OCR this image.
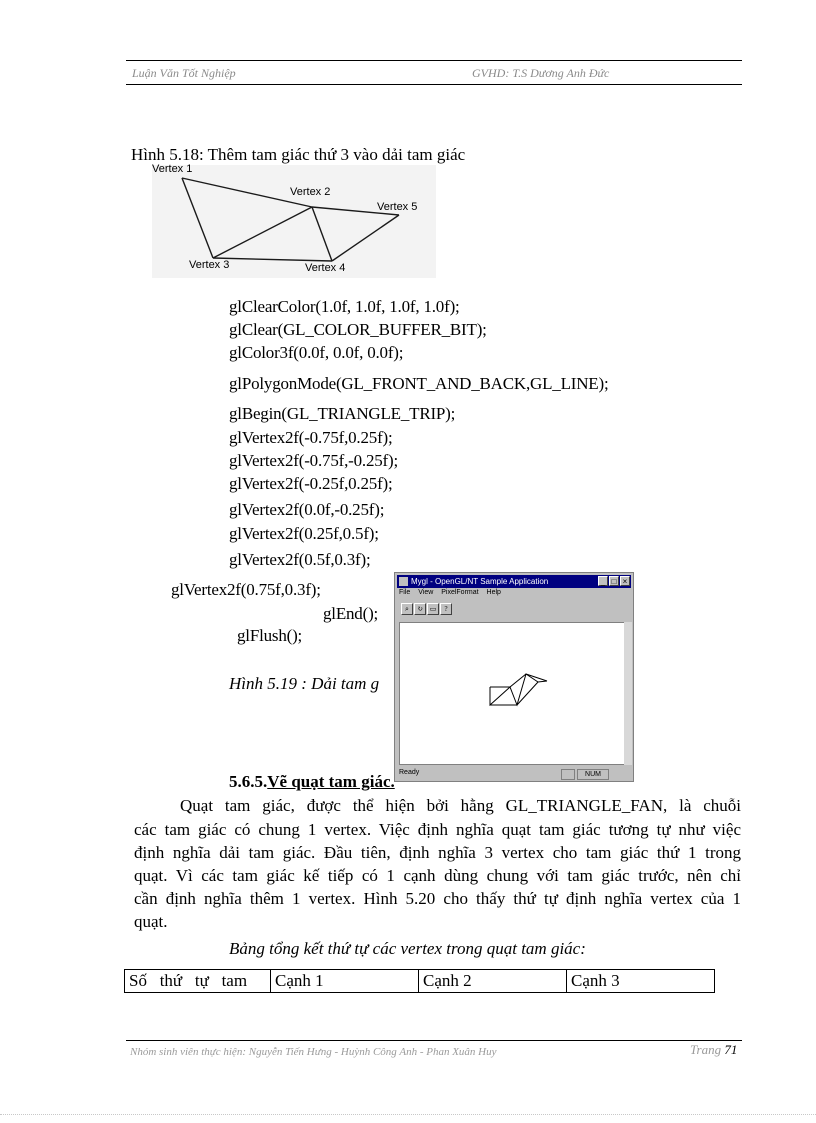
Luận Văn Tốt Nghiệp	GVHD: T.S Dương Anh Đức
Hình 5.18: Thêm tam giác thứ 3 vào dải tam giác
Vertex 1
Vertex 2
Vertex 3	Vertex 4
Vertex 5
glClearColor(1.0f, 1.0f, 1.0f, 1.0f);
glClear(GL_COLOR_BUFFER_BIT);
glColor3f(0.0f, 0.0f, 0.0f);
glPolygonMode(GL_FRONT_AND_BACK,GL_LINE);
glBegin(GL_TRIANGLE_TRIP);
glVertex2f(-0.75f,0.25f);
glVertex2f(-0.75f,-0.25f);
glVertex2f(-0.25f,0.25f);
glVertex2f(0.0f,-0.25f);
glVertex2f(0.25f,0.5f);
glVertex2f(0.5f,0.3f);
glVertex2f(0.75f,0.3f);
glEnd();
glFlush();
Hình 5.19 : Dải tam g
Mygl - OpenGL/NT Sample Application	_ □ ×
File View PixelFormat Help
⌕	↻ ▭	?
Ready	NUM
5.6.5.Vẽ quạt tam giác.
Quạt tam giác, được thể hiện bởi hằng GL_TRIANGLE_FAN, là chuỗi
các tam giác có chung 1 vertex. Việc định nghĩa quạt tam giác tương tự như việc
định nghĩa dải tam giác. Đầu tiên, định nghĩa 3 vertex cho tam giác thứ 1 trong
quạt. Vì các tam giác kế tiếp có 1 cạnh dùng chung với tam giác trước, nên chỉ
cần định nghĩa thêm 1 vertex. Hình 5.20 cho thấy thứ tự định nghĩa vertex của 1
quạt.
Bảng tổng kết thứ tự các vertex trong quạt tam giác:
Số   thứ   tự   tam	Cạnh 1	Cạnh 2	Cạnh 3
Nhóm sinh viên thực hiện: Nguyễn Tiến Hưng - Huỳnh Công Anh - Phan Xuân Huy	Trang 71
